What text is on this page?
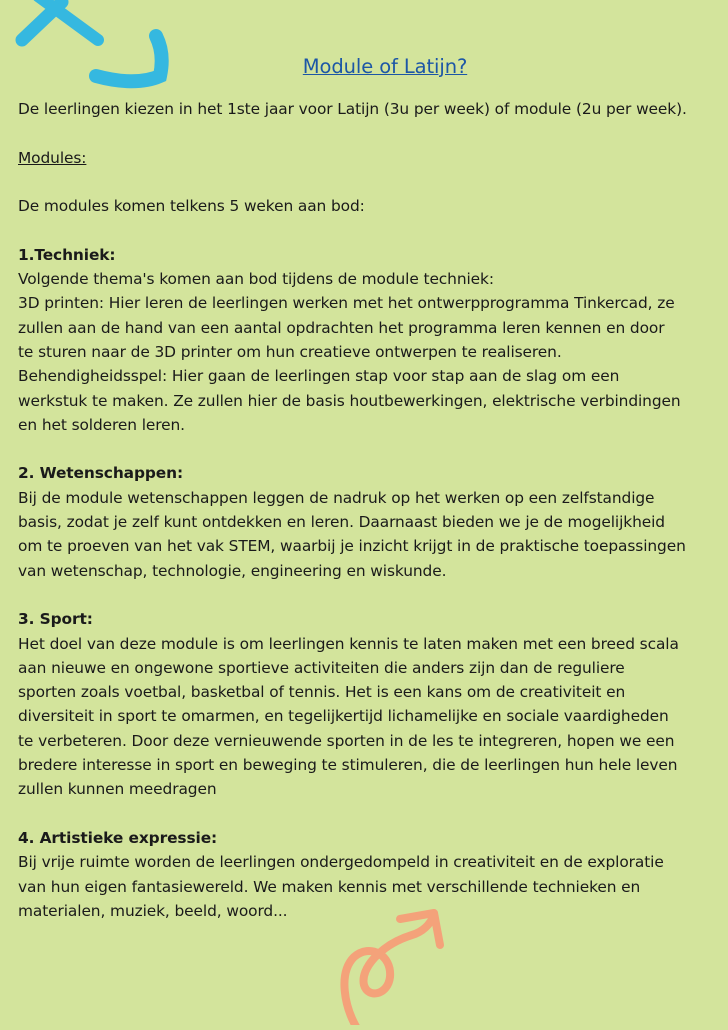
Module of Latijn?

De leerlingen kiezen in het 1ste jaar voor Latijn (3u per week) of module (2u per week).

Modules:

De modules komen telkens 5 weken aan bod:

1.Techniek:

Volgende thema's komen aan bod tijdens de module techniek:

3D printen: Hier leren de leerlingen werken met het ontwerpprogramma Tinkercad, ze

zullen aan de hand van een aantal opdrachten het programma leren kennen en door

te sturen naar de 3D printer om hun creatieve ontwerpen te realiseren.

Behendigheidsspel: Hier gaan de leerlingen stap voor stap aan de slag om een

werkstuk te maken. Ze zullen hier de basis houtbewerkingen, elektrische verbindingen

en het solderen leren.

2. Wetenschappen:

Bij de module wetenschappen leggen de nadruk op het werken op een zelfstandige

basis, zodat je zelf kunt ontdekken en leren. Daarnaast bieden we je de mogelijkheid

om te proeven van het vak STEM, waarbij je inzicht krijgt in de praktische toepassingen

van wetenschap, technologie, engineering en wiskunde.

3. Sport:

Het doel van deze module is om leerlingen kennis te laten maken met een breed scala

aan nieuwe en ongewone sportieve activiteiten die anders zijn dan de reguliere

sporten zoals voetbal, basketbal of tennis. Het is een kans om de creativiteit en

diversiteit in sport te omarmen, en tegelijkertijd lichamelijke en sociale vaardigheden

te verbeteren. Door deze vernieuwende sporten in de les te integreren, hopen we een

bredere interesse in sport en beweging te stimuleren, die de leerlingen hun hele leven

zullen kunnen meedragen

4. Artistieke expressie:

Bij vrije ruimte worden de leerlingen ondergedompeld in creativiteit en de exploratie

van hun eigen fantasiewereld. We maken kennis met verschillende technieken en

materialen, muziek, beeld, woord...
